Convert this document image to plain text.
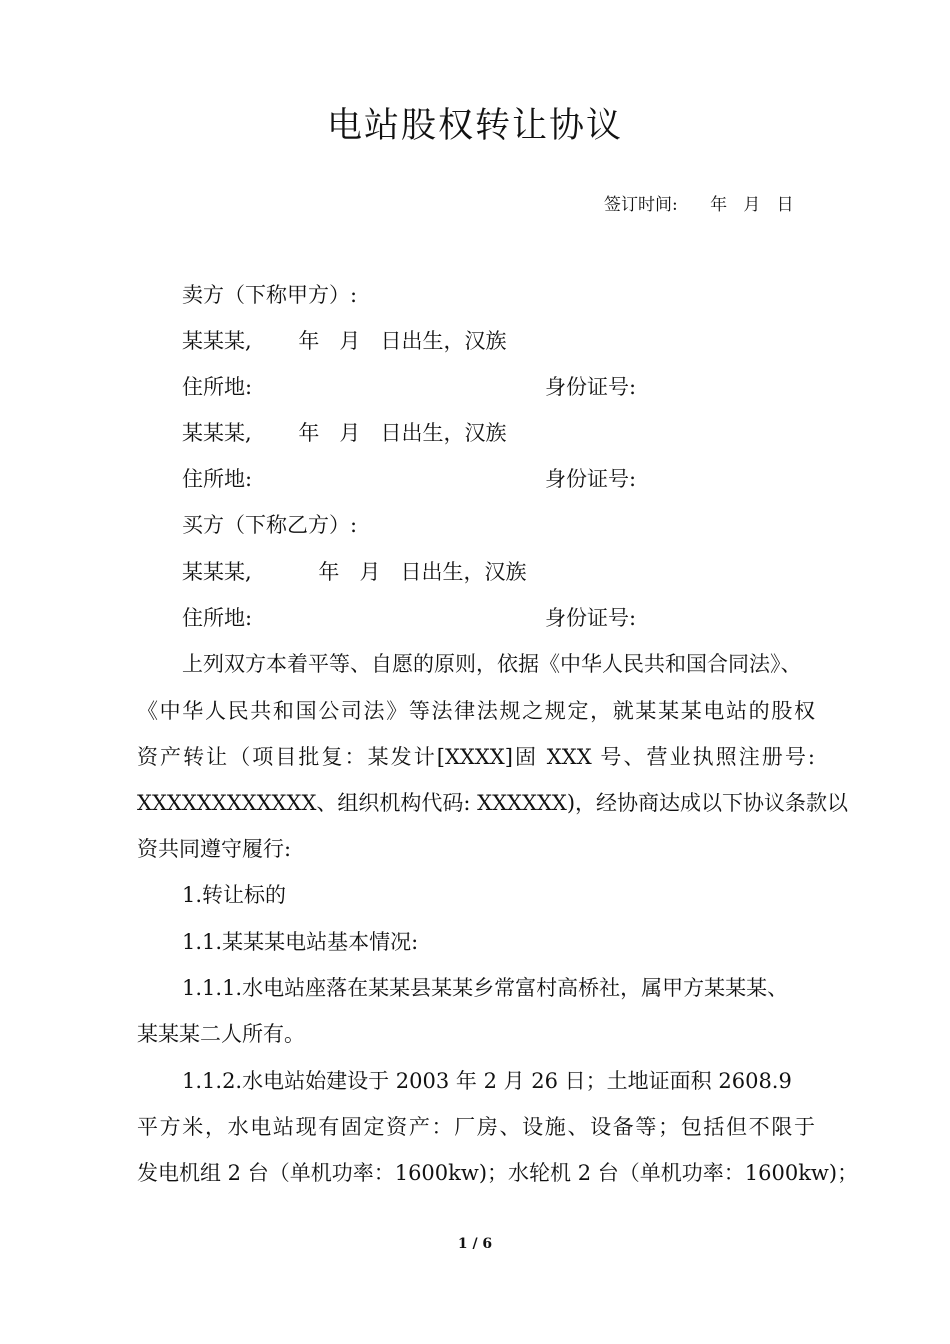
电站股权转让协议
签订时间:      年   月   日
卖方（下称甲方）:
某某某,       年   月   日出生，汉族
住所地:	身份证号:
某某某,       年   月   日出生，汉族
住所地:	身份证号:
买方（下称乙方）:
某某某,          年   月   日出生，汉族
住所地:	身份证号:
上列双方本着平等、自愿的原则，依据《中华人民共和国合同法》、
《中华人民共和国公司法》等法律法规之规定，就某某某电站的股权
资产转让（项目批复：某发计[XXXX]固 XXX 号、营业执照注册号:
XXXXXXXXXXXX、组织机构代码: XXXXXX)，经协商达成以下协议条款以
资共同遵守履行:
1.转让标的
1.1.某某某电站基本情况:
1.1.1.水电站座落在某某县某某乡常富村高桥社，属甲方某某某、
某某某二人所有。
1.1.2.水电站始建设于 2003 年 2 月 26 日；土地证面积 2608.9
平方米，水电站现有固定资产：厂房、设施、设备等；包括但不限于
发电机组 2 台（单机功率：1600kw)；水轮机 2 台（单机功率：1600kw)；
1 / 6
